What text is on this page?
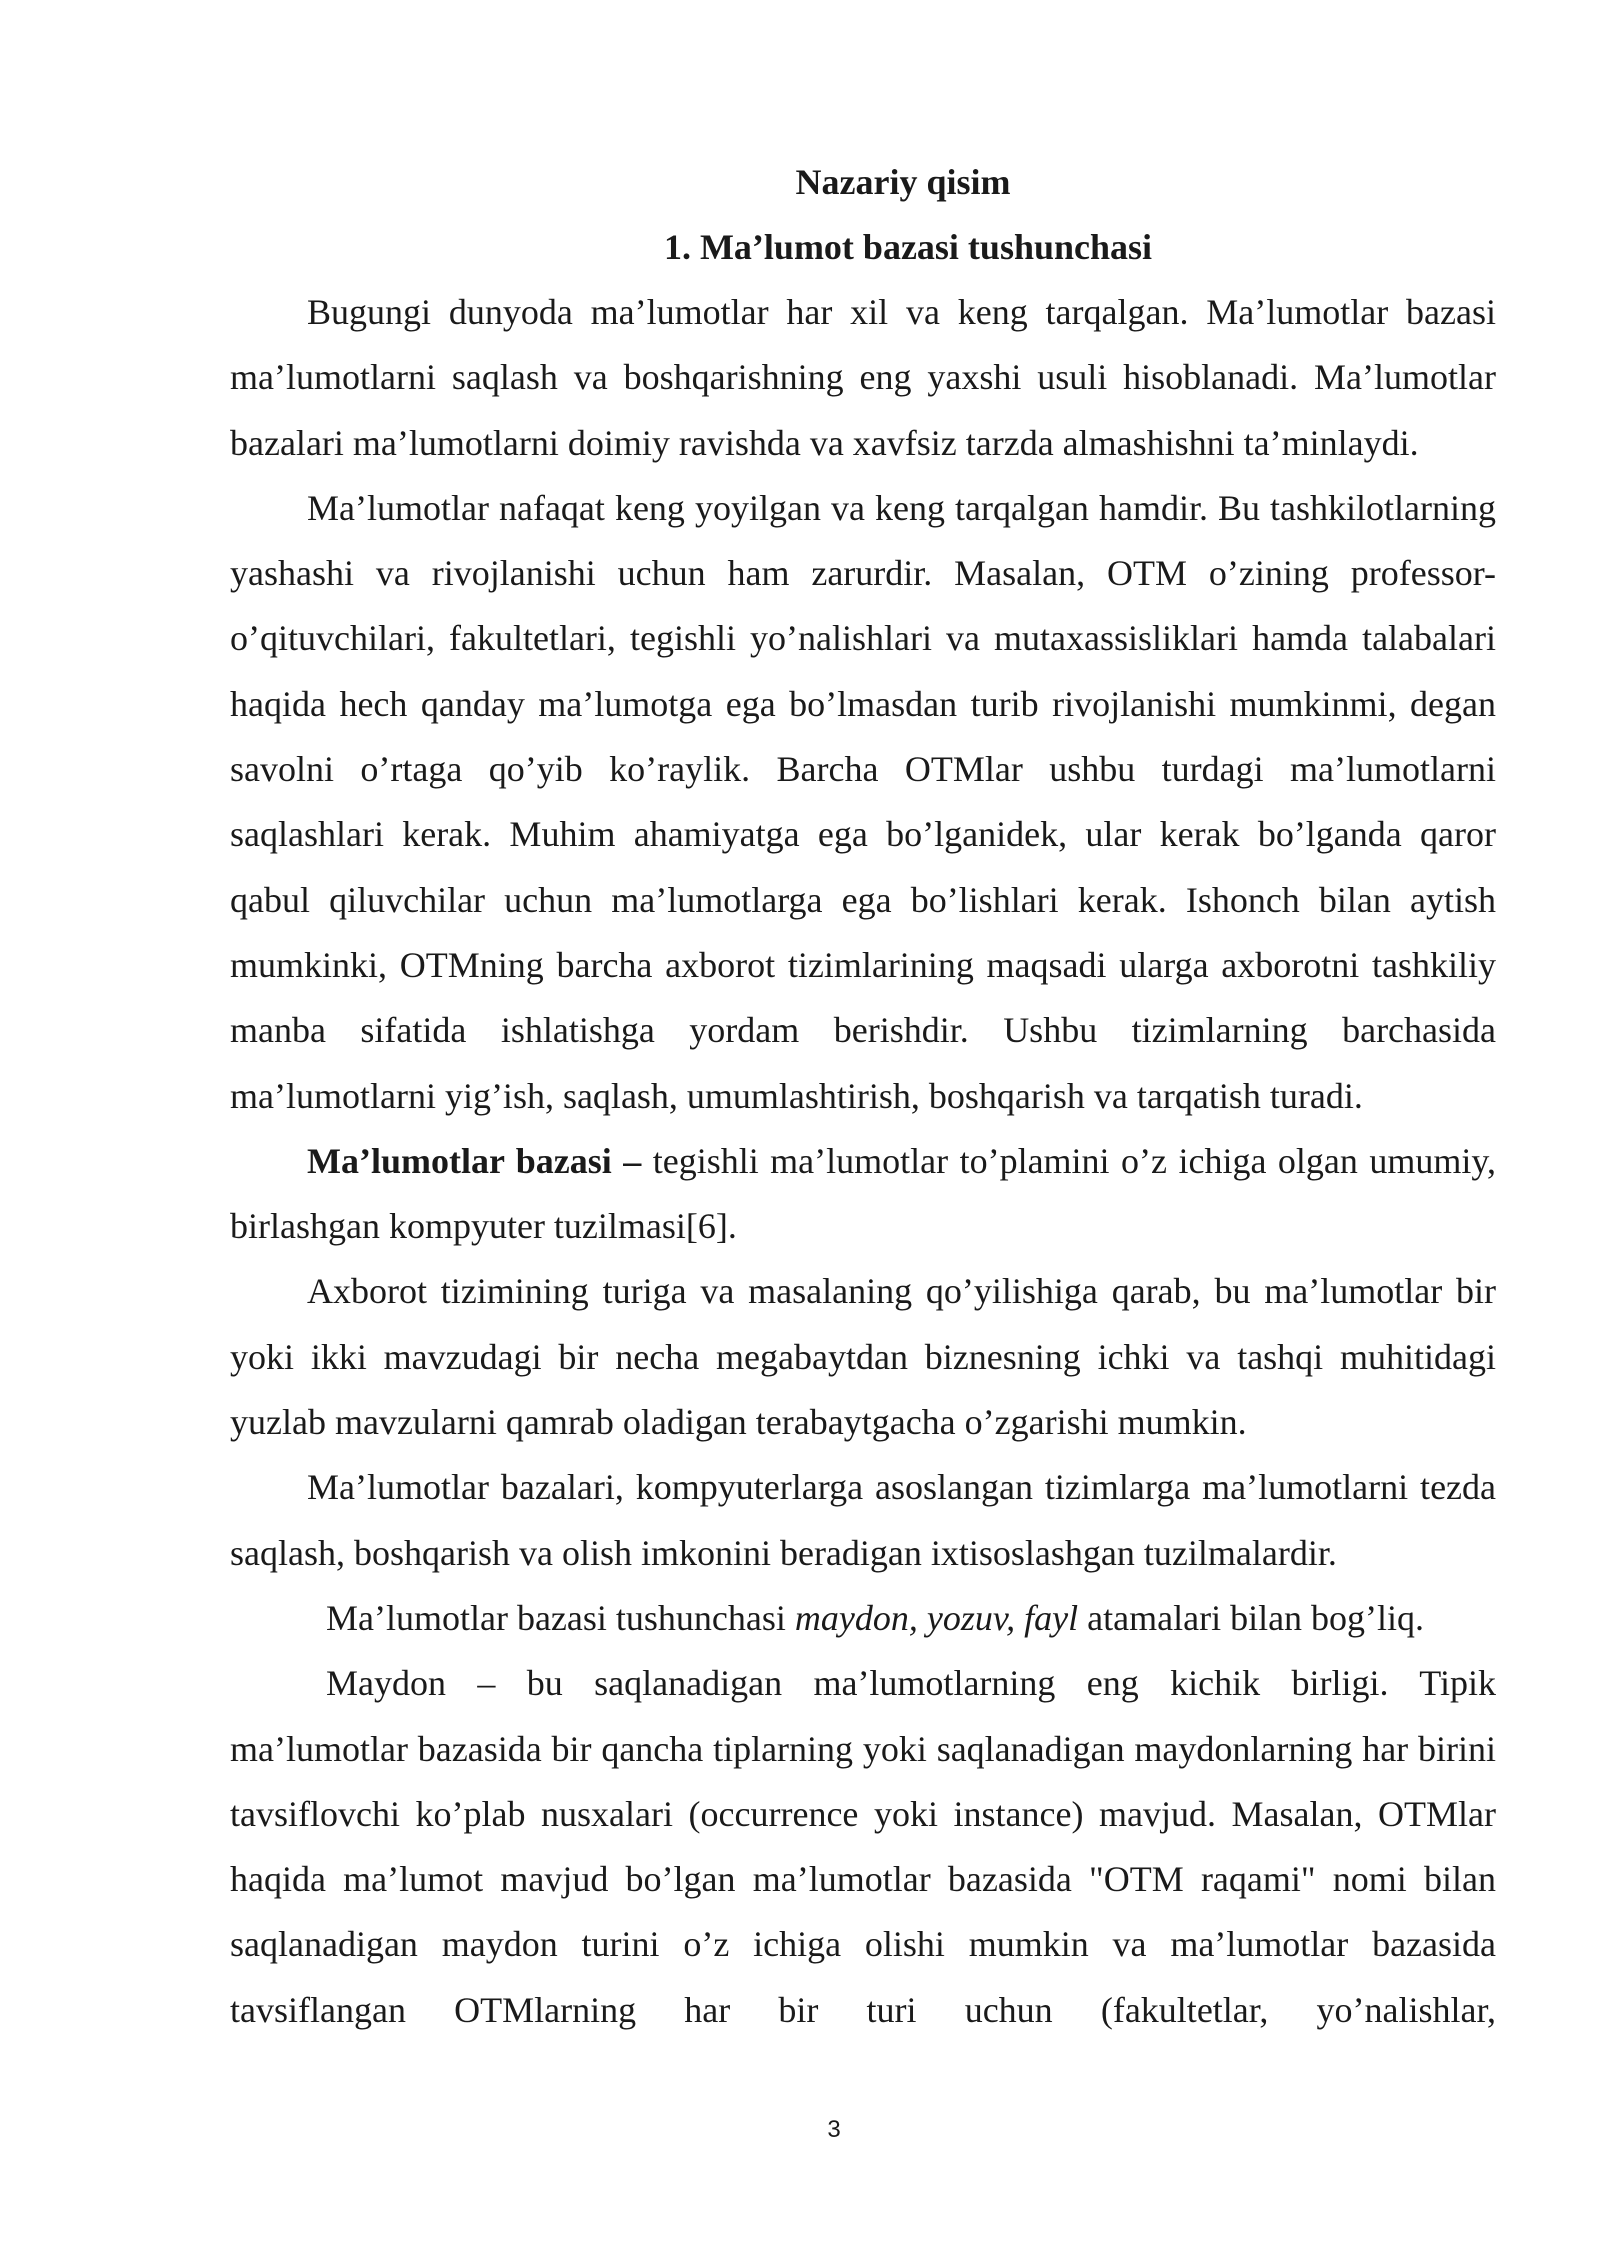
Nazariy qisim
1. Ma’lumot bazasi tushunchasi

Bugungi dunyoda ma’lumotlar har xil va keng tarqalgan. Ma’lumotlar bazasi ma’lumotlarni saqlash va boshqarishning eng yaxshi usuli hisoblanadi. Ma’lumotlar bazalari ma’lumotlarni doimiy ravishda va xavfsiz tarzda almashishni ta’minlaydi.

Ma’lumotlar nafaqat keng yoyilgan va keng tarqalgan hamdir. Bu tashkilotlarning yashashi va rivojlanishi uchun ham zarurdir. Masalan, OTM o’zining professor-o’qituvchilari, fakultetlari, tegishli yo’nalishlari va mutaxassisliklari hamda talabalari haqida hech qanday ma’lumotga ega bo’lmasdan turib rivojlanishi mumkinmi, degan savolni o’rtaga qo’yib ko’raylik. Barcha OTMlar ushbu turdagi ma’lumotlarni saqlashlari kerak. Muhim ahamiyatga ega bo’lganidek, ular kerak bo’lganda qaror qabul qiluvchilar uchun ma’lumotlarga ega bo’lishlari kerak. Ishonch bilan aytish mumkinki, OTMning barcha axborot tizimlarining maqsadi ularga axborotni tashkiliy manba sifatida ishlatishga yordam berishdir. Ushbu tizimlarning barchasida ma’lumotlarni yig’ish, saqlash, umumlashtirish, boshqarish va tarqatish turadi.

Ma’lumotlar bazasi – tegishli ma’lumotlar to’plamini o’z ichiga olgan umumiy, birlashgan kompyuter tuzilmasi[6].

Axborot tizimining turiga va masalaning qo’yilishiga qarab, bu ma’lumotlar bir yoki ikki mavzudagi bir necha megabaytdan biznesning ichki va tashqi muhitidagi yuzlab mavzularni qamrab oladigan terabaytgacha o’zgarishi mumkin.

Ma’lumotlar bazalari, kompyuterlarga asoslangan tizimlarga ma’lumotlarni tezda saqlash, boshqarish va olish imkonini beradigan ixtisoslashgan tuzilmalardir.

Ma’lumotlar bazasi tushunchasi maydon, yozuv, fayl atamalari bilan bog’liq.

Maydon – bu saqlanadigan ma’lumotlarning eng kichik birligi. Tipik ma’lumotlar bazasida bir qancha tiplarning yoki saqlanadigan maydonlarning har birini tavsiflovchi ko’plab nusxalari (occurrence yoki instance) mavjud. Masalan, OTMlar haqida ma’lumot mavjud bo’lgan ma’lumotlar bazasida "OTM raqami" nomi bilan saqlanadigan maydon turini o’z ichiga olishi mumkin va ma’lumotlar bazasida tavsiflangan OTMlarning har bir turi uchun (fakultetlar, yo’nalishlar,

3
